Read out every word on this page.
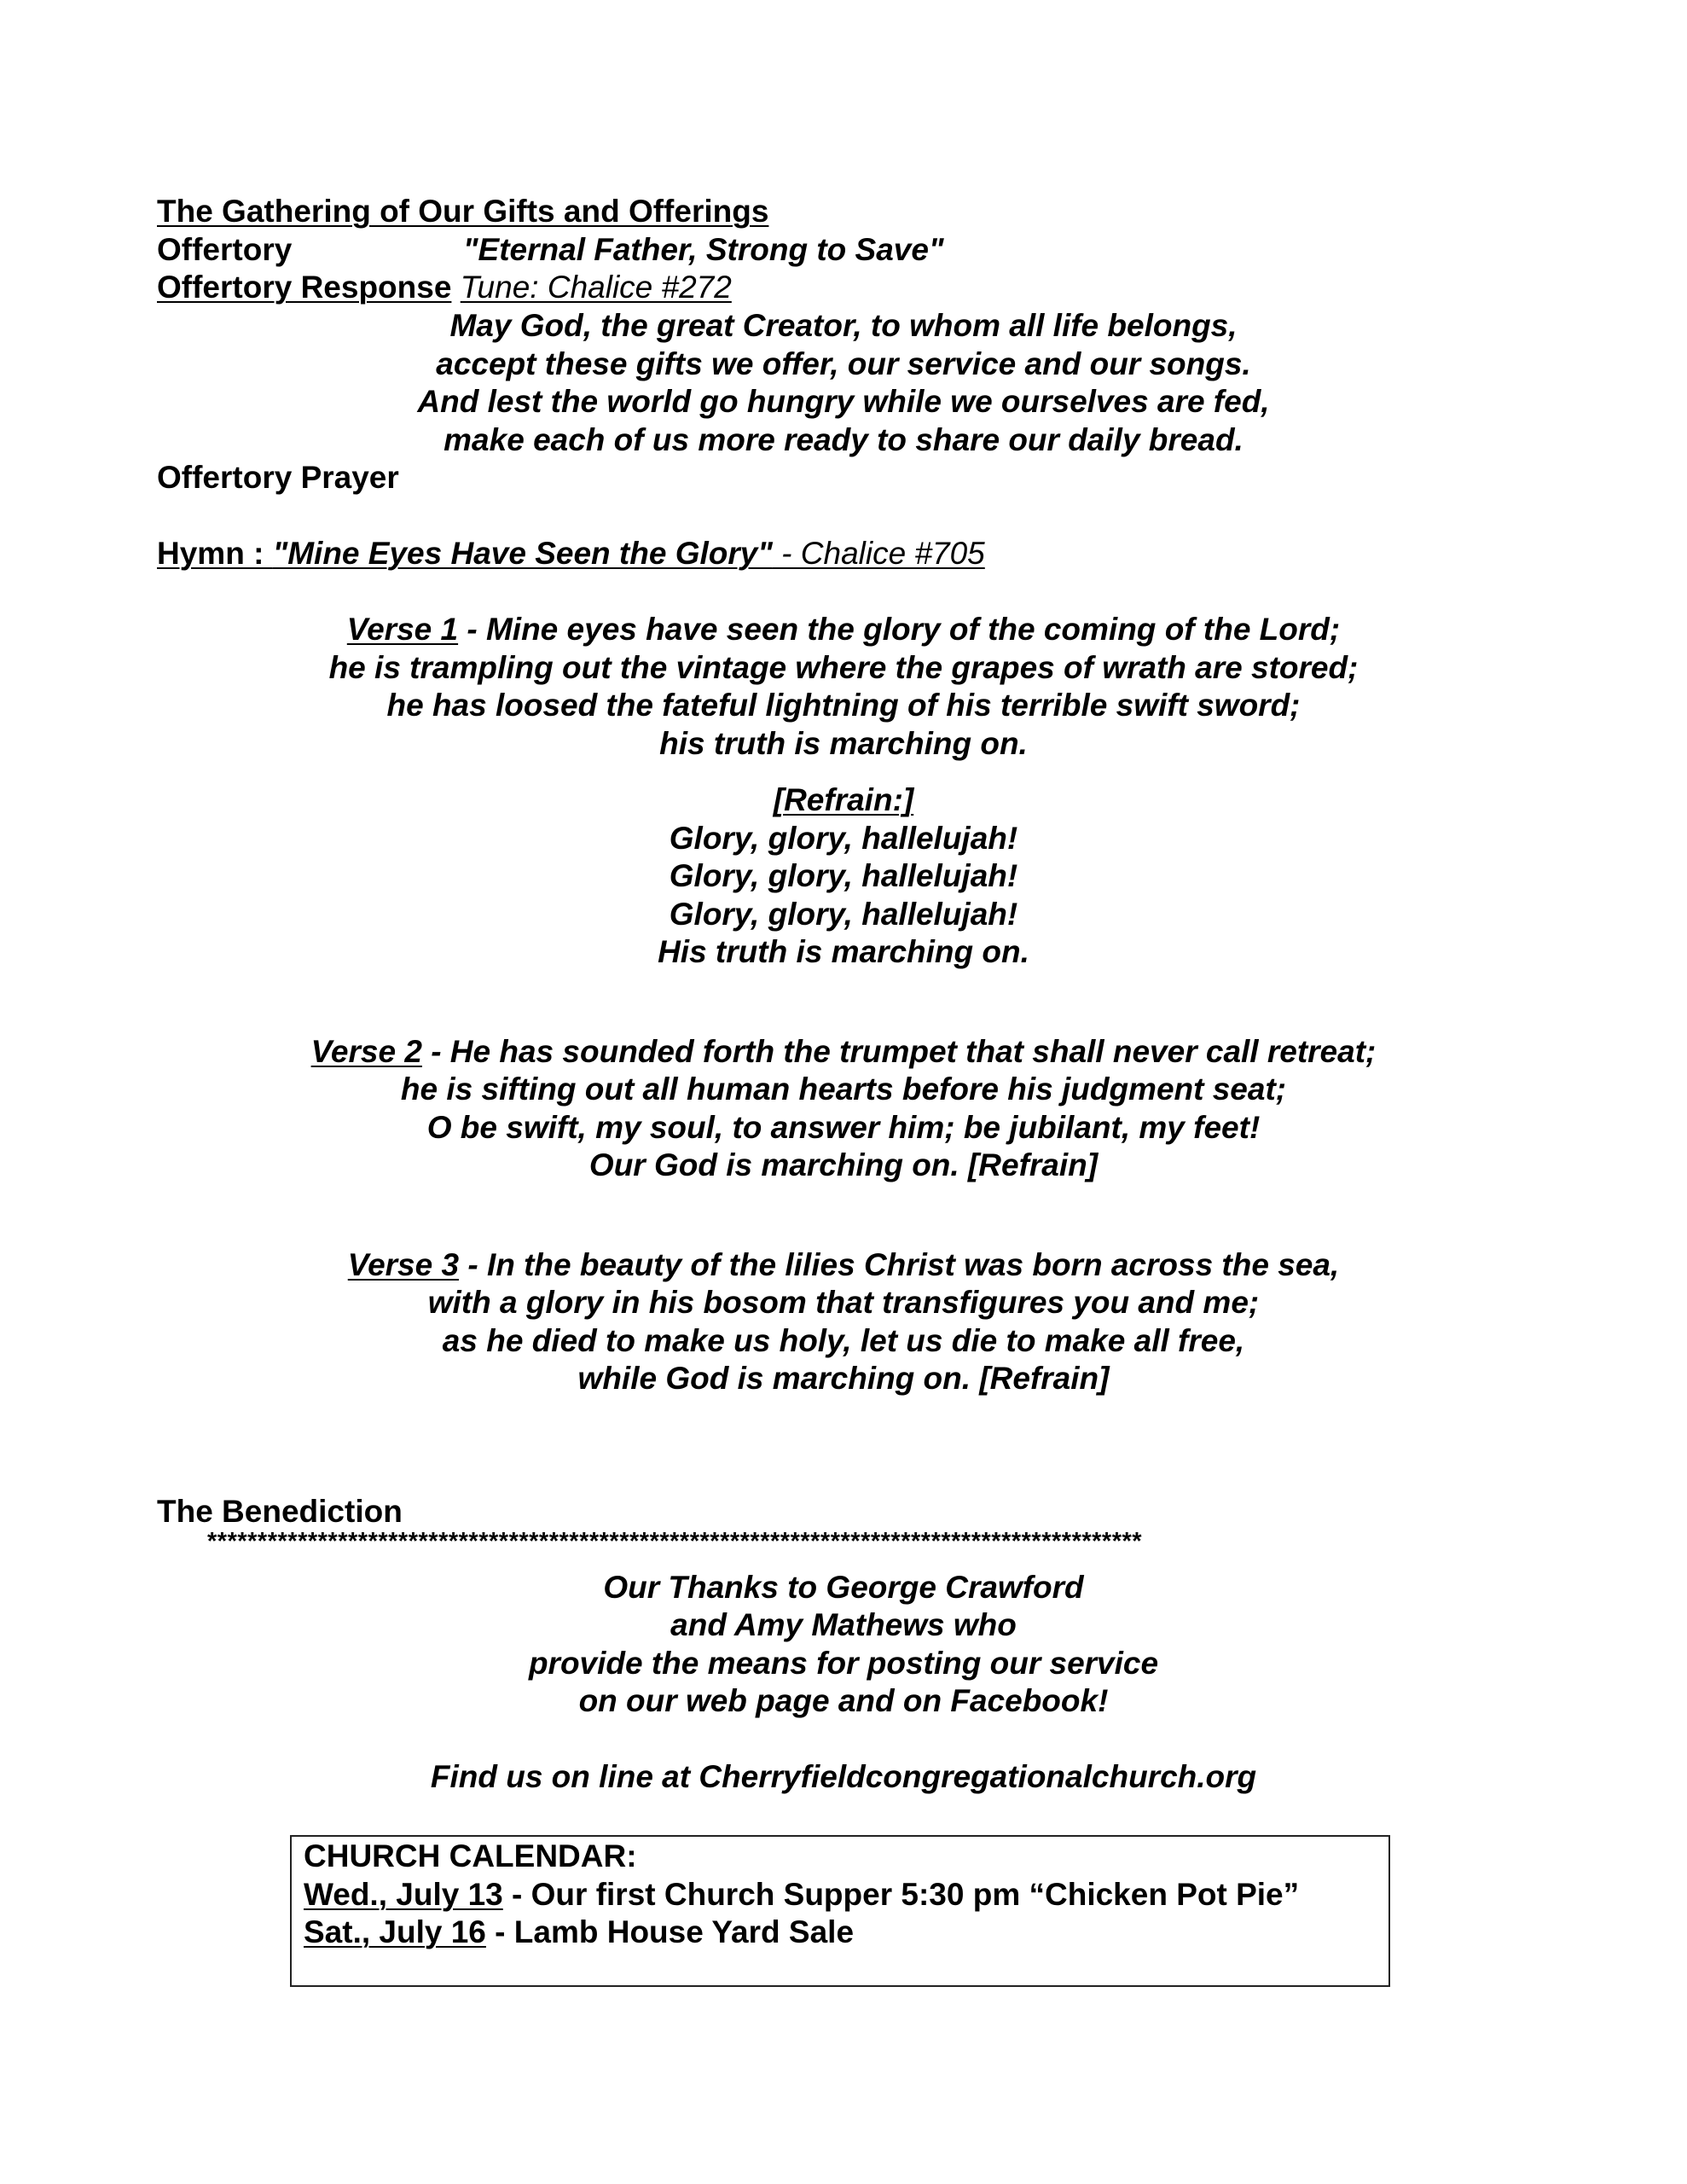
The Gathering of Our Gifts and Offerings
Offertory	"Eternal Father, Strong to Save"
Offertory Response Tune: Chalice #272
May God, the great Creator, to whom all life belongs,
accept these gifts we offer, our service and our songs.
And lest the world go hungry while we ourselves are fed,
make each of us more ready to share our daily bread.
Offertory Prayer
Hymn : "Mine Eyes Have Seen the Glory" - Chalice #705
Verse 1 - Mine eyes have seen the glory of the coming of the Lord;
he is trampling out the vintage where the grapes of wrath are stored;
he has loosed the fateful lightning of his terrible swift sword;
his truth is marching on.
[Refrain:]
Glory, glory, hallelujah!
Glory, glory, hallelujah!
Glory, glory, hallelujah!
His truth is marching on.
Verse 2 - He has sounded forth the trumpet that shall never call retreat;
he is sifting out all human hearts before his judgment seat;
O be swift, my soul, to answer him; be jubilant, my feet!
Our God is marching on. [Refrain]
Verse 3 - In the beauty of the lilies Christ was born across the sea,
with a glory in his bosom that transfigures you and me;
as he died to make us holy, let us die to make all free,
while God is marching on. [Refrain]
The Benediction
*********************************************************************************************
Our Thanks to George Crawford
and Amy Mathews who
provide the means for posting our service
on our web page and on Facebook!
Find us on line at Cherryfieldcongregationalchurch.org
CHURCH CALENDAR:
Wed., July 13 - Our first Church Supper 5:30 pm “Chicken Pot Pie”
Sat., July 16 - Lamb House Yard Sale
